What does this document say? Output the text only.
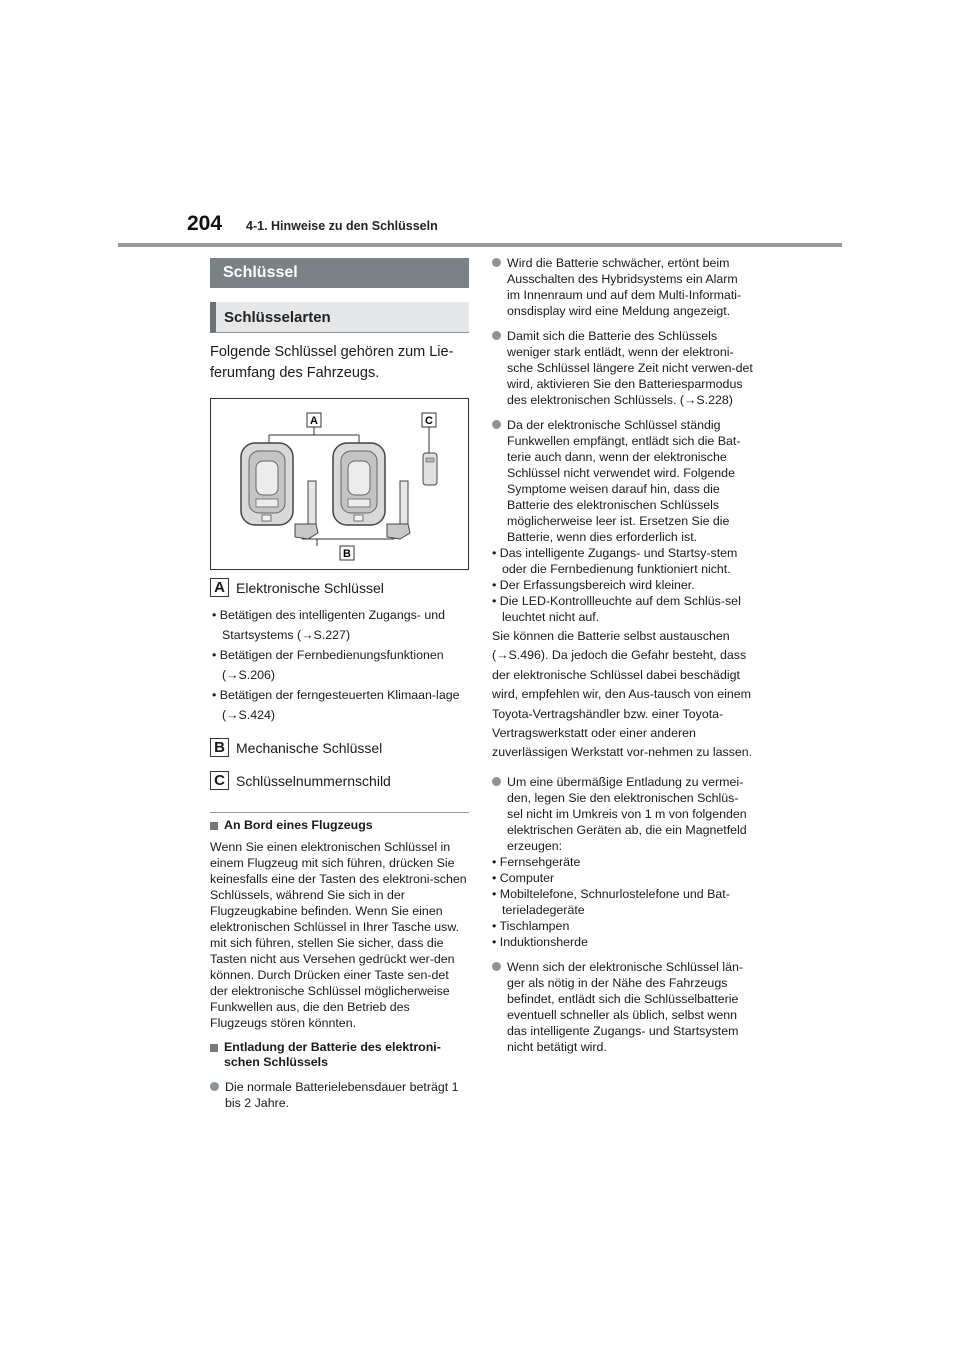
204 4-1. Hinweise zu den Schlüsseln
Schlüssel
Schlüsselarten
Folgende Schlüssel gehören zum Lie-
ferumfang des Fahrzeugs.
A	C
B
A Elektronische Schlüssel
• Betätigen des intelligenten Zugangs- und Startsystems (→S.227)
• Betätigen der Fernbedienungsfunktionen (→S.206)
• Betätigen der ferngesteuerten Klimaan-lage (→S.424)
B Mechanische Schlüssel
C Schlüsselnummernschild
An Bord eines Flugzeugs
Wenn Sie einen elektronischen Schlüssel in einem Flugzeug mit sich führen, drücken Sie keinesfalls eine der Tasten des elektroni-schen Schlüssels, während Sie sich in der Flugzeugkabine befinden. Wenn Sie einen elektronischen Schlüssel in Ihrer Tasche usw. mit sich führen, stellen Sie sicher, dass die Tasten nicht aus Versehen gedrückt wer-den können. Durch Drücken einer Taste sen-det der elektronische Schlüssel möglicherweise Funkwellen aus, die den Betrieb des Flugzeugs stören könnten.
Entladung der Batterie des elektroni-schen Schlüssels
Die normale Batterielebensdauer beträgt 1 bis 2 Jahre.
Wird die Batterie schwächer, ertönt beim Ausschalten des Hybridsystems ein Alarm im Innenraum und auf dem Multi-Informati-onsdisplay wird eine Meldung angezeigt.
Damit sich die Batterie des Schlüssels weniger stark entlädt, wenn der elektroni-sche Schlüssel längere Zeit nicht verwen-det wird, aktivieren Sie den Batteriesparmodus des elektronischen Schlüssels. (→S.228)
Da der elektronische Schlüssel ständig Funkwellen empfängt, entlädt sich die Bat-terie auch dann, wenn der elektronische Schlüssel nicht verwendet wird. Folgende Symptome weisen darauf hin, dass die Batterie des elektronischen Schlüssels möglicherweise leer ist. Ersetzen Sie die Batterie, wenn dies erforderlich ist.
• Das intelligente Zugangs- und Startsy-stem oder die Fernbedienung funktioniert nicht.
• Der Erfassungsbereich wird kleiner.
• Die LED-Kontrollleuchte auf dem Schlüs-sel leuchtet nicht auf.
Sie können die Batterie selbst austauschen (→S.496). Da jedoch die Gefahr besteht, dass der elektronische Schlüssel dabei beschädigt wird, empfehlen wir, den Aus-tausch von einem Toyota-Vertragshändler bzw. einer Toyota-Vertragswerkstatt oder einer anderen zuverlässigen Werkstatt vor-nehmen zu lassen.
Um eine übermäßige Entladung zu vermei-den, legen Sie den elektronischen Schlüs-sel nicht im Umkreis von 1 m von folgenden elektrischen Geräten ab, die ein Magnetfeld erzeugen:
• Fernsehgeräte
• Computer
• Mobiltelefone, Schnurlostelefone und Bat-terieladegeräte
• Tischlampen
• Induktionsherde
Wenn sich der elektronische Schlüssel län-ger als nötig in der Nähe des Fahrzeugs befindet, entlädt sich die Schlüsselbatterie eventuell schneller als üblich, selbst wenn das intelligente Zugangs- und Startsystem nicht betätigt wird.
